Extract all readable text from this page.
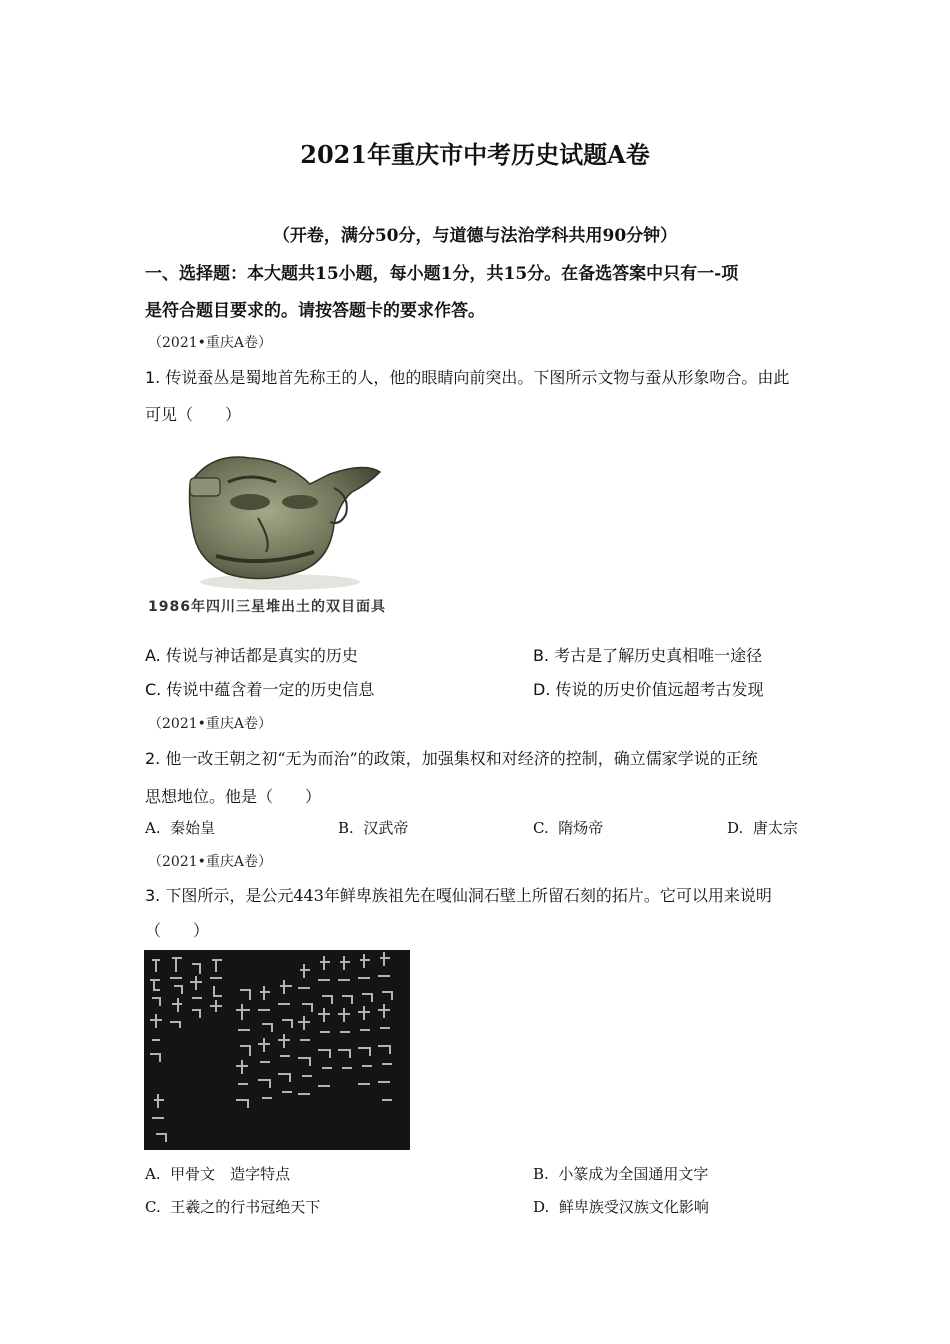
2021年重庆市中考历史试题A卷
（开卷，满分50分，与道德与法治学科共用90分钟）
一、选择题：本大题共15小题，每小题1分，共15分。在备选答案中只有一-项
是符合题目要求的。请按答题卡的要求作答。
（2021•重庆A卷）
1. 传说蚕丛是蜀地首先称王的人，他的眼睛向前突出。下图所示文物与蚕从形象吻合。由此
可见（　　）
1986年四川三星堆出土的双目面具
A. 传说与神话都是真实的历史	B. 考古是了解历史真相唯一途径
C. 传说中蕴含着一定的历史信息	D. 传说的历史价值远超考古发现
（2021•重庆A卷）
2. 他一改王朝之初“无为而治”的政策，加强集权和对经济的控制，确立儒家学说的正统
思想地位。他是（　　）
A. 秦始皇	B. 汉武帝	C. 隋炀帝	D. 唐太宗
（2021•重庆A卷）
3. 下图所示，是公元443年鲜卑族祖先在嘎仙洞石壁上所留石刻的拓片。它可以用来说明
（　　）
A. 甲骨文　造字特点	B. 小篆成为全国通用文字
C. 王羲之的行书冠绝天下	D. 鲜卑族受汉族文化影响
